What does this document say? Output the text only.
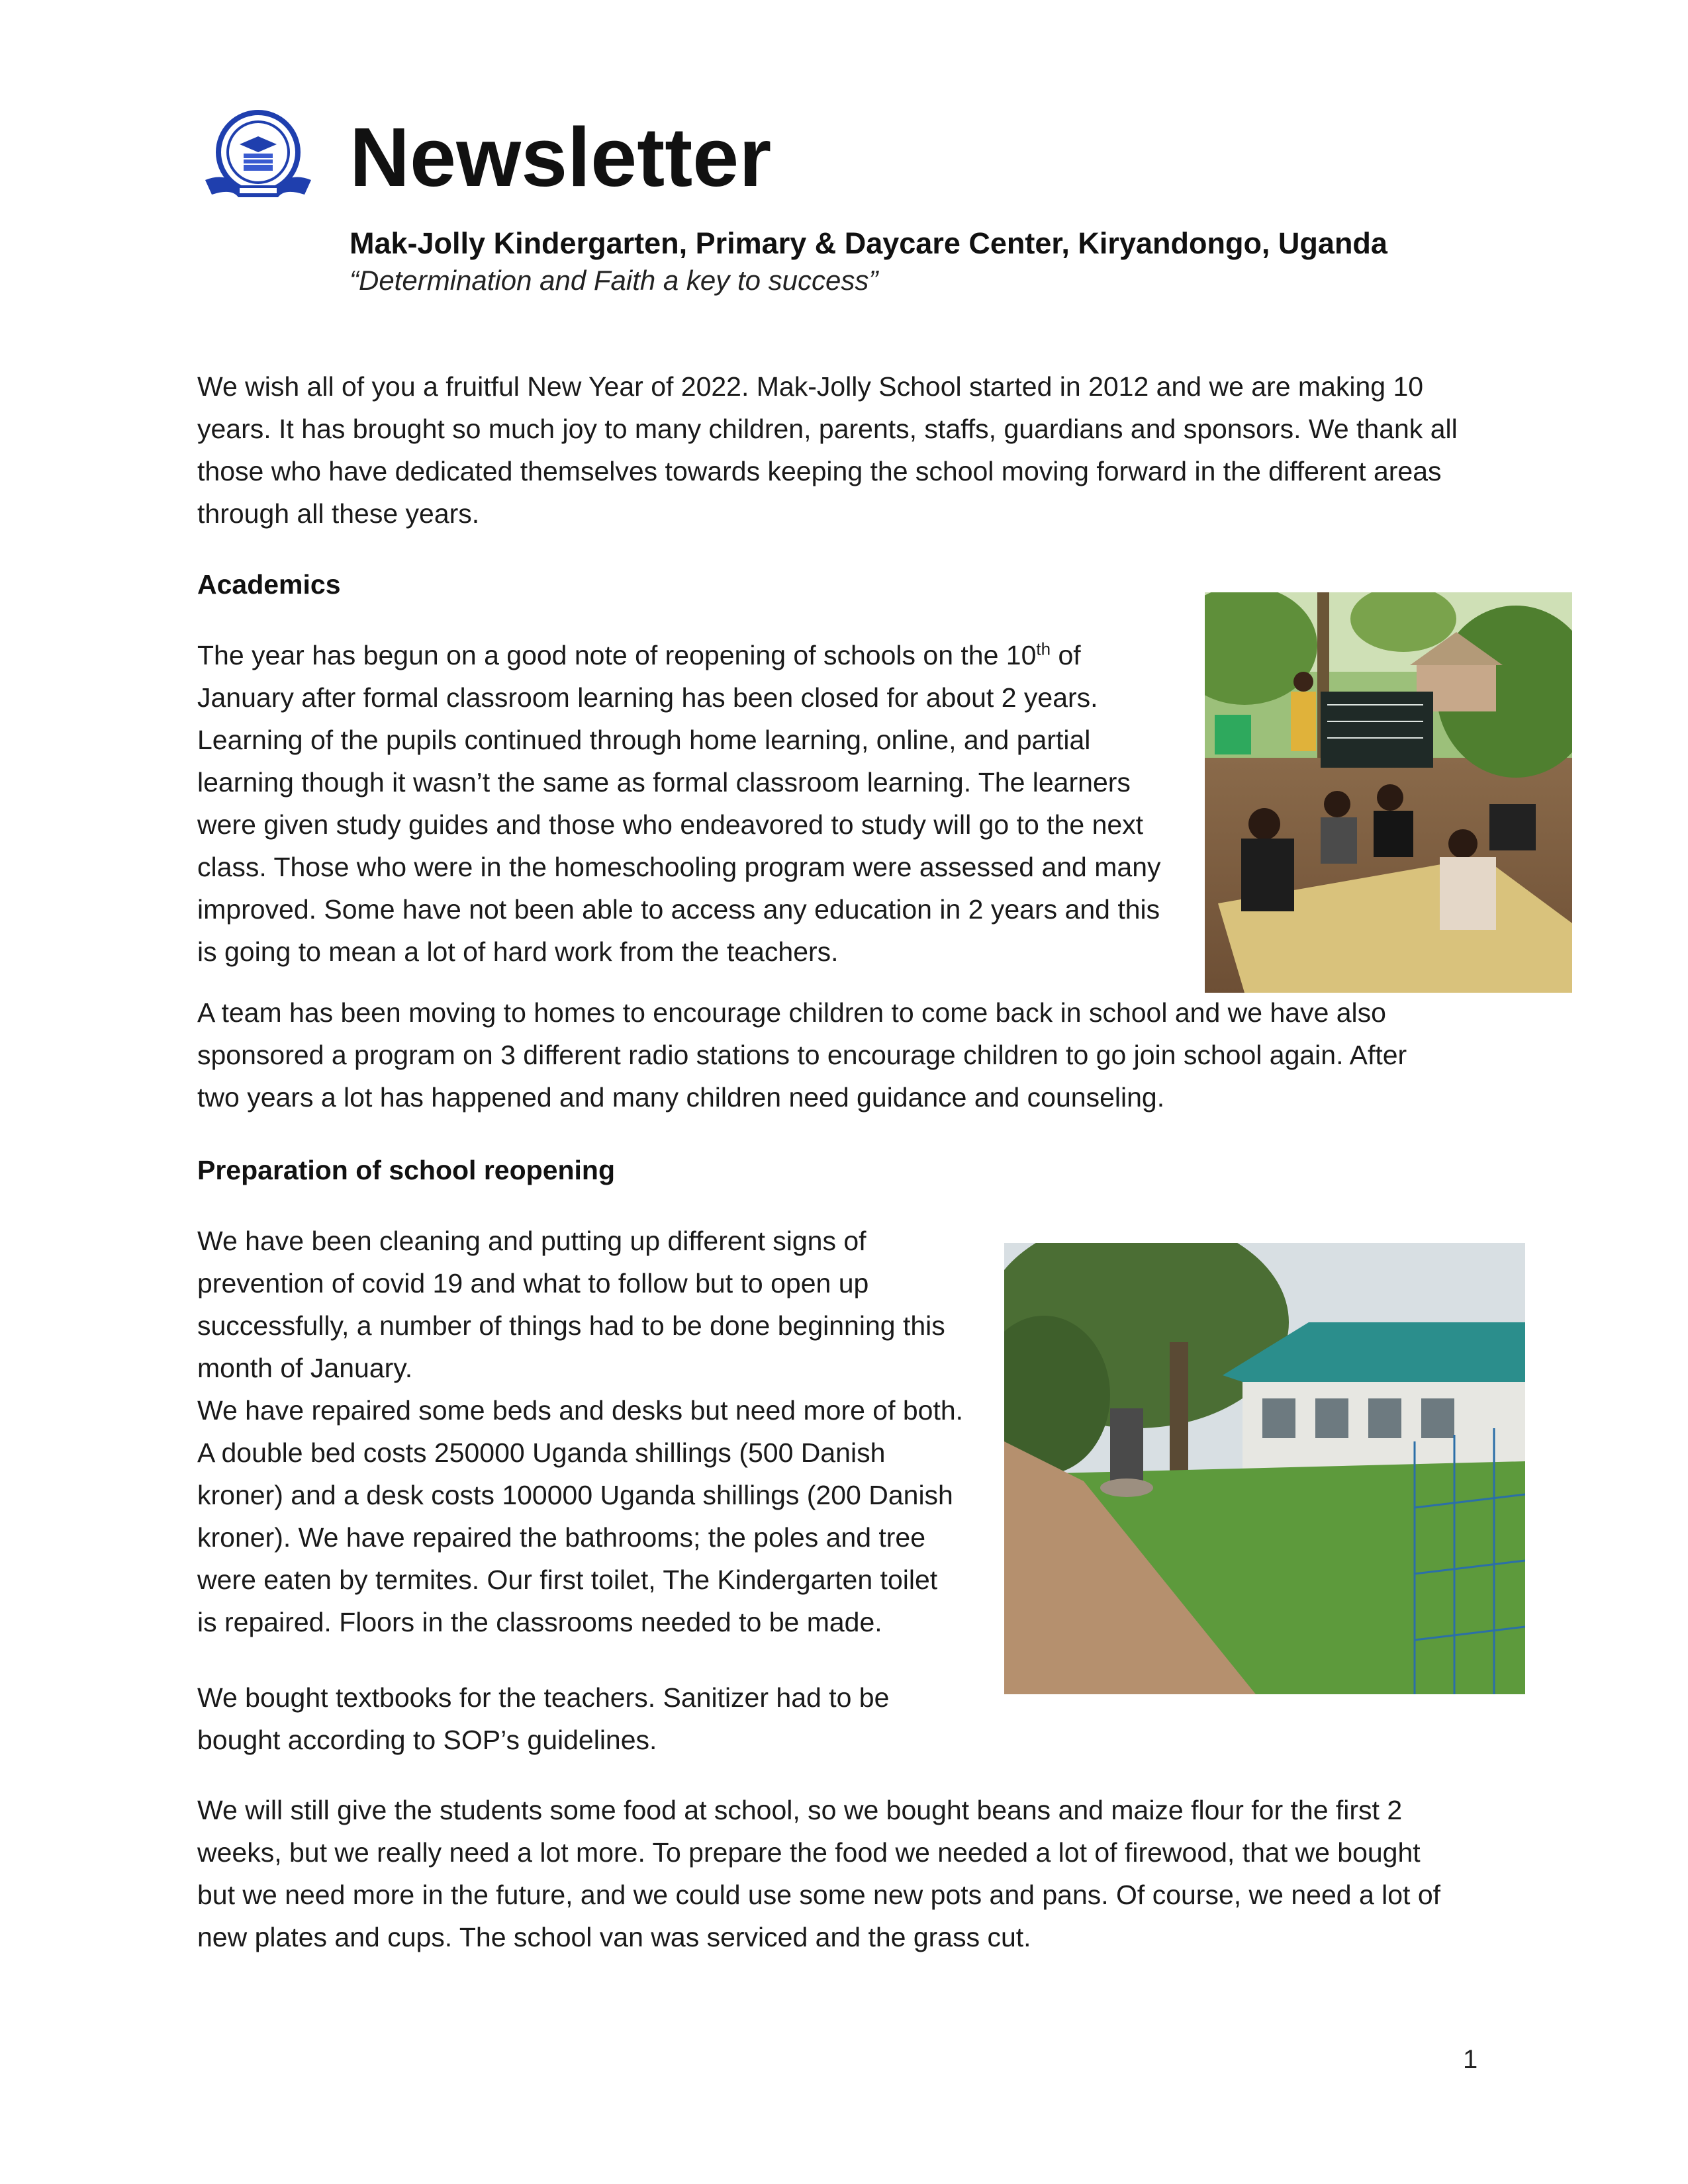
Newsletter
Mak-Jolly Kindergarten, Primary & Daycare Center, Kiryandongo, Uganda
“Determination and Faith a key to success”
We wish all of you a fruitful New Year of 2022. Mak-Jolly School started in 2012 and we are making 10
years. It has brought so much joy to many children, parents, staffs, guardians and sponsors. We thank all
those who have dedicated themselves towards keeping the school moving forward in the different areas
through all these years.
Academics
The year has begun on a good note of reopening of schools on the 10th of
January after formal classroom learning has been closed for about 2 years.
Learning of the pupils continued through home learning, online, and partial
learning though it wasn’t the same as formal classroom learning. The learners
were given study guides and those who endeavored to study will go to the next
class. Those who were in the homeschooling program were assessed and many
improved. Some have not been able to access any education in 2 years and this
is going to mean a lot of hard work from the teachers.
A team has been moving to homes to encourage children to come back in school and we have also
sponsored a program on 3 different radio stations to encourage children to go join school again. After
two years a lot has happened and many children need guidance and counseling.
Preparation of school reopening
We have been cleaning and putting up different signs of
prevention of covid 19 and what to follow but to open up
successfully, a number of things had to be done beginning this
month of January.
We have repaired some beds and desks but need more of both.
A double bed costs 250000 Uganda shillings (500 Danish
kroner) and a desk costs 100000 Uganda shillings (200 Danish
kroner). We have repaired the bathrooms; the poles and tree
were eaten by termites. Our first toilet, The Kindergarten toilet
is repaired. Floors in the classrooms needed to be made.
We bought textbooks for the teachers. Sanitizer had to be
bought according to SOP’s guidelines.
We will still give the students some food at school, so we bought beans and maize flour for the first 2
weeks, but we really need a lot more. To prepare the food we needed a lot of firewood, that we bought
but we need more in the future, and we could use some new pots and pans. Of course, we need a lot of
new plates and cups. The school van was serviced and the grass cut.
1
